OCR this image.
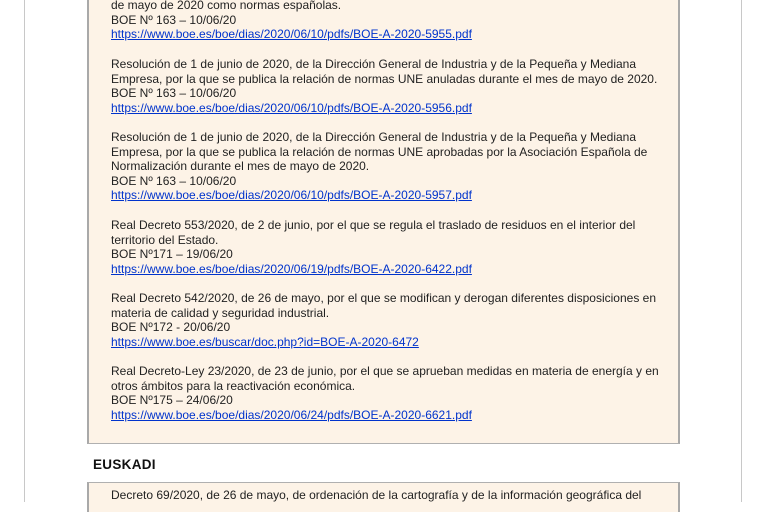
de mayo de 2020 como normas españolas.
BOE Nº 163 – 10/06/20
https://www.boe.es/boe/dias/2020/06/10/pdfs/BOE-A-2020-5955.pdf
Resolución de 1 de junio de 2020, de la Dirección General de Industria y de la Pequeña y Mediana Empresa, por la que se publica la relación de normas UNE anuladas durante el mes de mayo de 2020.
BOE Nº 163 – 10/06/20
https://www.boe.es/boe/dias/2020/06/10/pdfs/BOE-A-2020-5956.pdf
Resolución de 1 de junio de 2020, de la Dirección General de Industria y de la Pequeña y Mediana Empresa, por la que se publica la relación de normas UNE aprobadas por la Asociación Española de Normalización durante el mes de mayo de 2020.
BOE Nº 163 – 10/06/20
https://www.boe.es/boe/dias/2020/06/10/pdfs/BOE-A-2020-5957.pdf
Real Decreto 553/2020, de 2 de junio, por el que se regula el traslado de residuos en el interior del territorio del Estado.
BOE Nº171 – 19/06/20
https://www.boe.es/boe/dias/2020/06/19/pdfs/BOE-A-2020-6422.pdf
Real Decreto 542/2020, de 26 de mayo, por el que se modifican y derogan diferentes disposiciones en materia de calidad y seguridad industrial.
BOE Nº172 - 20/06/20
https://www.boe.es/buscar/doc.php?id=BOE-A-2020-6472
Real Decreto-Ley 23/2020, de 23 de junio, por el que se aprueban medidas en materia de energía y en otros ámbitos para la reactivación económica.
BOE Nº175 – 24/06/20
https://www.boe.es/boe/dias/2020/06/24/pdfs/BOE-A-2020-6621.pdf
EUSKADI
Decreto 69/2020, de 26 de mayo, de ordenación de la cartografía y de la información geográfica del
